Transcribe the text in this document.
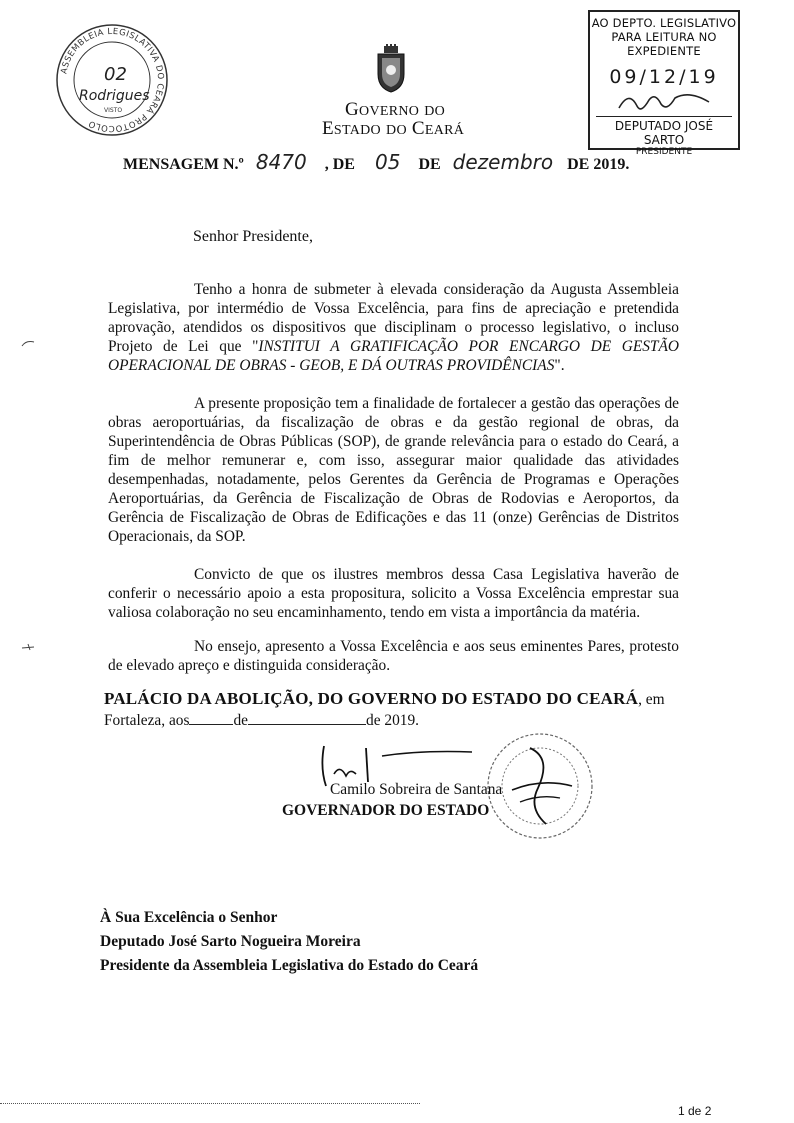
ASSEMBLEIA LEGISLATIVA DO CEARÁ PROTOCOLO
02
Rodrigues
VISTO	GOVERNO DO
ESTADO DO CEARÁ
AO DEPTO. LEGISLATIVO
PARA LEITURA NO EXPEDIENTE
09/12/19
DEPUTADO JOSÉ SARTO
PRESIDENTE
MENSAGEM N.º 8470 , DE 05 DE dezembro DE 2019.
Senhor Presidente,
Tenho a honra de submeter à elevada consideração da Augusta Assembleia Legislativa, por intermédio de Vossa Excelência, para fins de apreciação e pretendida aprovação, atendidos os dispositivos que disciplinam o processo legislativo, o incluso Projeto de Lei que "INSTITUI A GRATIFICAÇÃO POR ENCARGO DE GESTÃO OPERACIONAL DE OBRAS - GEOB, E DÁ OUTRAS PROVIDÊNCIAS".
A presente proposição tem a finalidade de fortalecer a gestão das operações de obras aeroportuárias, da fiscalização de obras e da gestão regional de obras, da Superintendência de Obras Públicas (SOP), de grande relevância para o estado do Ceará, a fim de melhor remunerar e, com isso, assegurar maior qualidade das atividades desempenhadas, notadamente, pelos Gerentes da Gerência de Programas e Operações Aeroportuárias, da Gerência de Fiscalização de Obras de Rodovias e Aeroportos, da Gerência de Fiscalização de Obras de Edificações e das 11 (onze) Gerências de Distritos Operacionais, da SOP.
Convicto de que os ilustres membros dessa Casa Legislativa haverão de conferir o necessário apoio a esta propositura, solicito a Vossa Excelência emprestar sua valiosa colaboração no seu encaminhamento, tendo em vista a importância da matéria.
No ensejo, apresento a Vossa Excelência e aos seus eminentes Pares, protesto de elevado apreço e distinguida consideração.
PALÁCIO DA ABOLIÇÃO, DO GOVERNO DO ESTADO DO CEARÁ, em
Fortaleza, aos	de	de 2019.
Camilo Sobreira de Santana
GOVERNADOR DO ESTADO
À Sua Excelência o Senhor
Deputado José Sarto Nogueira Moreira
Presidente da Assembleia Legislativa do Estado do Ceará
1 de 2
